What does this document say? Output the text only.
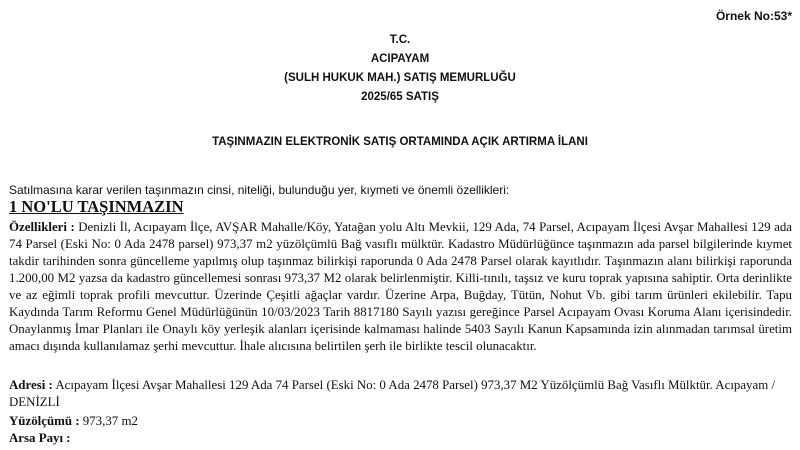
Örnek No:53*
T.C.
ACIPAYAM
(SULH HUKUK MAH.) SATIŞ MEMURLUĞU
2025/65 SATIŞ
TAŞINMAZIN ELEKTRONİK SATIŞ ORTAMINDA AÇIK ARTIRMA İLANI
Satılmasına karar verilen taşınmazın cinsi, niteliği, bulunduğu yer, kıymeti ve önemli özellikleri:
1 NO'LU TAŞINMAZIN
Özellikleri : Denizli İl, Acıpayam İlçe, AVŞAR Mahalle/Köy, Yatağan yolu Altı Mevkii, 129 Ada, 74 Parsel, Acıpayam İlçesi Avşar Mahallesi 129 ada 74 Parsel (Eski No: 0 Ada 2478 parsel) 973,37 m2 yüzölçümlü Bağ vasıflı mülktür. Kadastro Müdürlüğünce taşınmazın ada parsel bilgilerinde kıymet takdir tarihinden sonra güncelleme yapılmış olup taşınmaz bilirkişi raporunda 0 Ada 2478 Parsel olarak kayıtlıdır. Taşınmazın alanı bilirkişi raporunda 1.200,00 M2 yazsa da kadastro güncellemesi sonrası 973,37 M2 olarak belirlenmiştir. Killi-tınılı, taşsız ve kuru toprak yapısına sahiptir. Orta derinlikte ve az eğimli toprak profili mevcuttur. Üzerinde Çeşitli ağaçlar vardır. Üzerine Arpa, Buğday, Tütün, Nohut Vb. gibi tarım ürünleri ekilebilir. Tapu Kaydında Tarım Reformu Genel Müdürlüğünün 10/03/2023 Tarih 8817180 Sayılı yazısı gereğince Parsel Acıpayam Ovası Koruma Alanı içerisindedir. Onaylanmış İmar Planları ile Onaylı köy yerleşik alanları içerisinde kalmaması halinde 5403 Sayılı Kanun Kapsamında izin alınmadan tarımsal üretim amacı dışında kullanılamaz şerhi mevcuttur. İhale alıcısına belirtilen şerh ile birlikte tescil olunacaktır.
Adresi : Acıpayam İlçesi Avşar Mahallesi 129 Ada 74 Parsel (Eski No: 0 Ada 2478 Parsel) 973,37 M2 Yüzölçümlü Bağ Vasıflı Mülktür. Acıpayam / DENİZLİ
Yüzölçümü : 973,37 m2
Arsa Payı :
